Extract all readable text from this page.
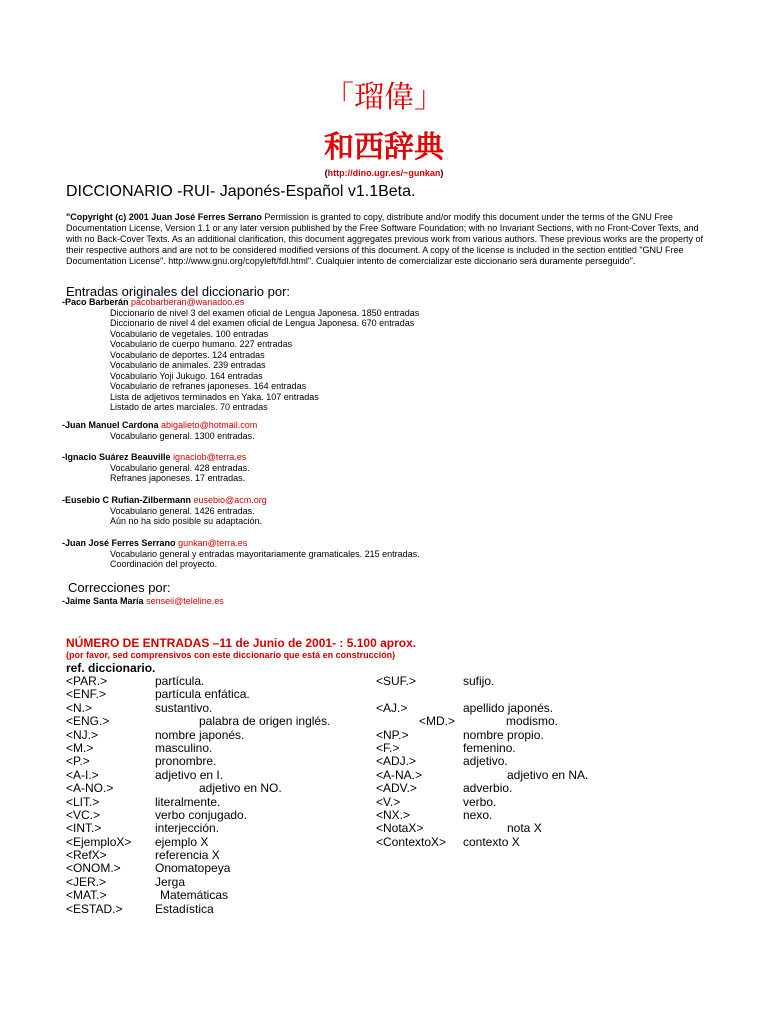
「瑠偉」
和西辞典
(http://dino.ugr.es/~gunkan)
DICCIONARIO -RUI- Japonés-Español v1.1Beta.
"Copyright (c) 2001 Juan José Ferres Serrano Permission is granted to copy, distribute and/or modify this document under the terms of the GNU Free Documentation License, Version 1.1 or any later version published by the Free Software Foundation; with no Invariant Sections, with no Front-Cover Texts, and with no Back-Cover Texts. As an additional clarification, this document aggregates previous work from various authors. These previous works are the property of their respective authors and are not to be considered modified versions of this document. A copy of the license is included in the section entitled "GNU Free Documentation License". http://www.gnu.org/copyleft/fdl.html". Cualquier intento de comercializar este diccionario será duramente perseguido".
Entradas originales del diccionario por:
-Paco Barberán pacobarberan@wanadoo.es
Diccionario de nivel 3 del examen oficial de Lengua Japonesa. 1850 entradas
Diccionario de nivel 4 del examen oficial de Lengua Japonesa. 670 entradas
Vocabulario de vegetales. 100 entradas
Vocabulario de cuerpo humano. 227 entradas
Vocabulario de deportes. 124 entradas
Vocabulario de animales. 239 entradas
Vocabulario Yoji Jukugo. 164 entradas
Vocabulario de refranes japoneses. 164 entradas
Lista de adjetivos terminados en Yaka. 107 entradas
Listado de artes marciales. 70 entradas
-Juan Manuel Cardona abigalieto@hotmail.com
Vocabulario general. 1300 entradas.
-Ignacio Suárez Beauville ignaciob@terra.es
Vocabulario general. 428 entradas.
Refranes japoneses. 17 entradas.
-Eusebio C Rufian-Zilbermann eusebio@acm.org
Vocabulario general. 1426 entradas.
Aún no ha sido posible su adaptación.
-Juan José Ferres Serrano gunkan@terra.es
Vocabulario general y entradas mayoritariamente gramaticales. 215 entradas.
Coordinación del proyecto.
Correcciones por:
-Jaime Santa María senseii@teleline.es
NÚMERO DE ENTRADAS –11 de Junio de 2001- : 5.100 aprox.
(por favor, sed comprensivos con este diccionario que está en construcción)
ref. diccionario.
<PAR.>	partícula.
<ENF.>	partícula enfática.
<N.>	sustantivo.
<ENG.>	palabra de origen inglés.
<NJ.>	nombre japonés.
<M.>	masculino.
<P.>	pronombre.
<A-I.>	adjetivo en I.
<A-NO.>	adjetivo en NO.
<LIT.>	literalmente.
<VC.>	verbo conjugado.
<INT.>	interjección.
<EjemploX> ejemplo X
<RefX>	referencia X
<ONOM.>	Onomatopeya
<JER.>	Jerga
<MAT.>	Matemáticas
<ESTAD.>	Estadística
<SUF.>	sufijo.
<AJ.>	apellido japonés.
<MD.>	modismo.
<NP.>	nombre propio.
<F.>	femenino.
<ADJ.>	adjetivo.
<A-NA.>	adjetivo en NA.
<ADV.>	adverbio.
<V.>	verbo.
<NX.>	nexo.
<NotaX>	nota X
<ContextoX> contexto X
